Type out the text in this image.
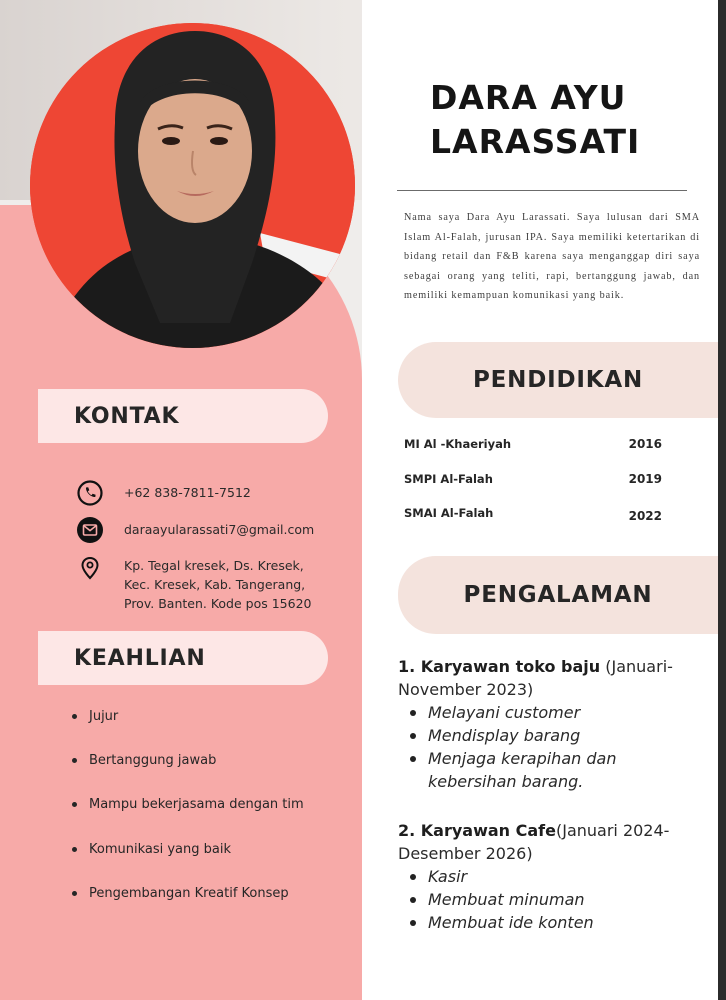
DARA AYU
LARASSATI

Nama saya Dara Ayu Larassati. Saya lulusan dari SMA Islam Al-Falah, jurusan IPA. Saya memiliki ketertarikan di bidang retail dan F&B karena saya menganggap diri saya sebagai orang yang teliti, rapi, bertanggung jawab, dan memiliki kemampuan komunikasi yang baik.

KONTAK
+62 838-7811-7512
daraayularassati7@gmail.com
Kp. Tegal kresek, Ds. Kresek,
Kec. Kresek, Kab. Tangerang,
Prov. Banten. Kode pos 15620
KEAHLIAN
Jujur
Bertanggung jawab
Mampu bekerjasama dengan tim
Komunikasi yang baik
Pengembangan Kreatif Konsep
PENDIDIKAN
MI Al -Khaeriyah	2016
SMPI Al-Falah	2019
SMAI Al-Falah	2022
PENGALAMAN
1. Karyawan toko baju (Januari-
November 2023)
Melayani customer
Mendisplay barang
Menjaga kerapihan dan
kebersihan barang.
2. Karyawan Cafe(Januari 2024-
Desember 2026)
Kasir
Membuat minuman
Membuat ide konten
